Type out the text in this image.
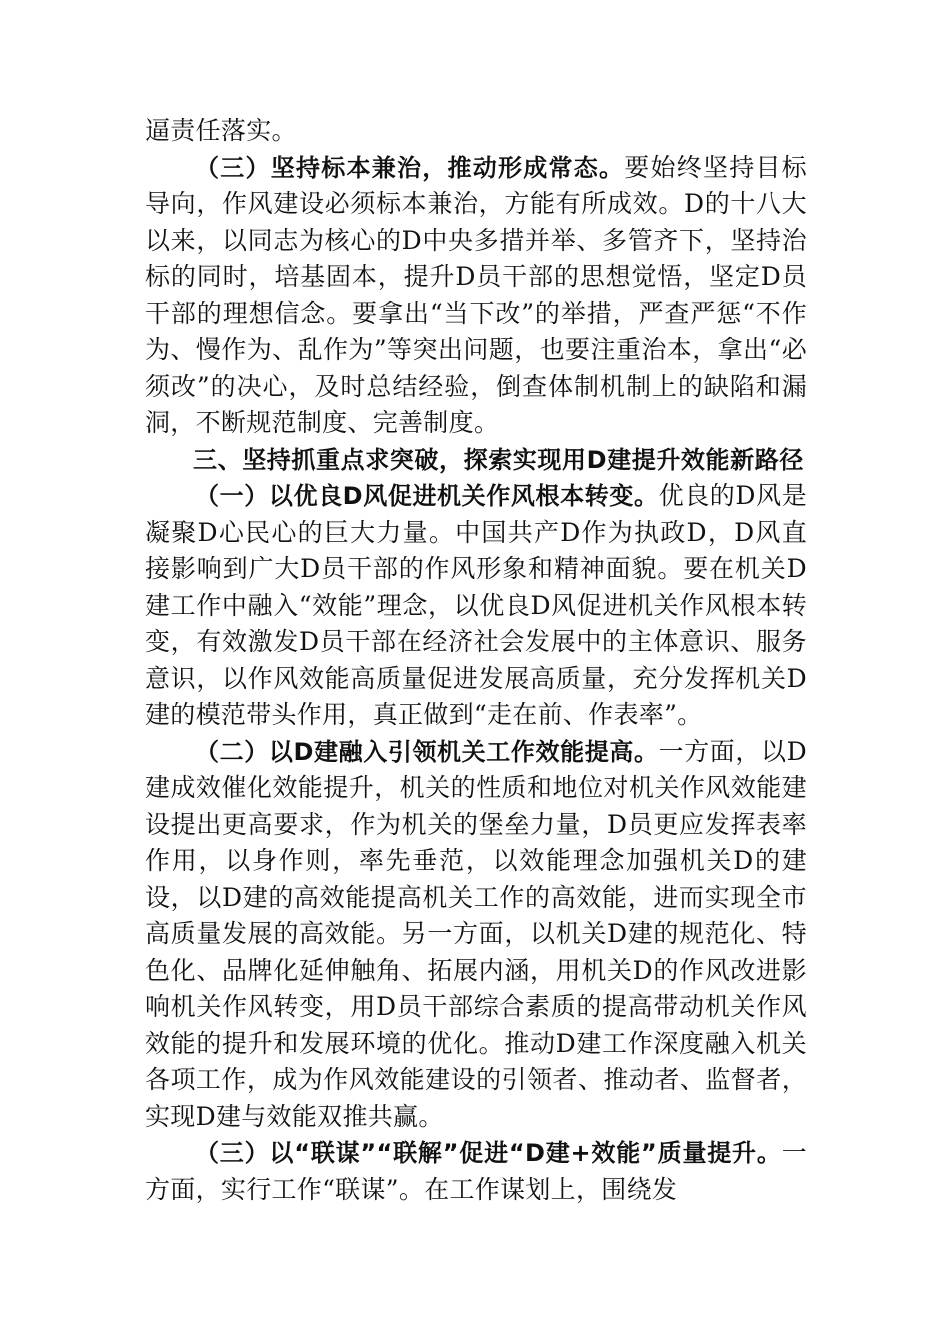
逼责任落实。

（三）坚持标本兼治，推动形成常态。要始终坚持目标导向，作风建设必须标本兼治，方能有所成效。D的十八大以来，以同志为核心的D中央多措并举、多管齐下，坚持治标的同时，培基固本，提升D员干部的思想觉悟，坚定D员干部的理想信念。要拿出“当下改”的举措，严查严惩“不作为、慢作为、乱作为”等突出问题，也要注重治本，拿出“必须改”的决心，及时总结经验，倒查体制机制上的缺陷和漏洞，不断规范制度、完善制度。

三、坚持抓重点求突破，探索实现用D建提升效能新路径

（一）以优良D风促进机关作风根本转变。优良的D风是凝聚D心民心的巨大力量。中国共产D作为执政D，D风直接影响到广大D员干部的作风形象和精神面貌。要在机关D建工作中融入“效能”理念，以优良D风促进机关作风根本转变，有效激发D员干部在经济社会发展中的主体意识、服务意识，以作风效能高质量促进发展高质量，充分发挥机关D建的模范带头作用，真正做到“走在前、作表率”。

（二）以D建融入引领机关工作效能提高。一方面，以D建成效催化效能提升，机关的性质和地位对机关作风效能建设提出更高要求，作为机关的堡垒力量，D员更应发挥表率作用，以身作则，率先垂范，以效能理念加强机关D的建设，以D建的高效能提高机关工作的高效能，进而实现全市高质量发展的高效能。另一方面，以机关D建的规范化、特色化、品牌化延伸触角、拓展内涵，用机关D的作风改进影响机关作风转变，用D员干部综合素质的提高带动机关作风效能的提升和发展环境的优化。推动D建工作深度融入机关各项工作，成为作风效能建设的引领者、推动者、监督者，实现D建与效能双推共赢。

（三）以“联谋”“联解”促进“D建+效能”质量提升。一方面，实行工作“联谋”。在工作谋划上，围绕发
